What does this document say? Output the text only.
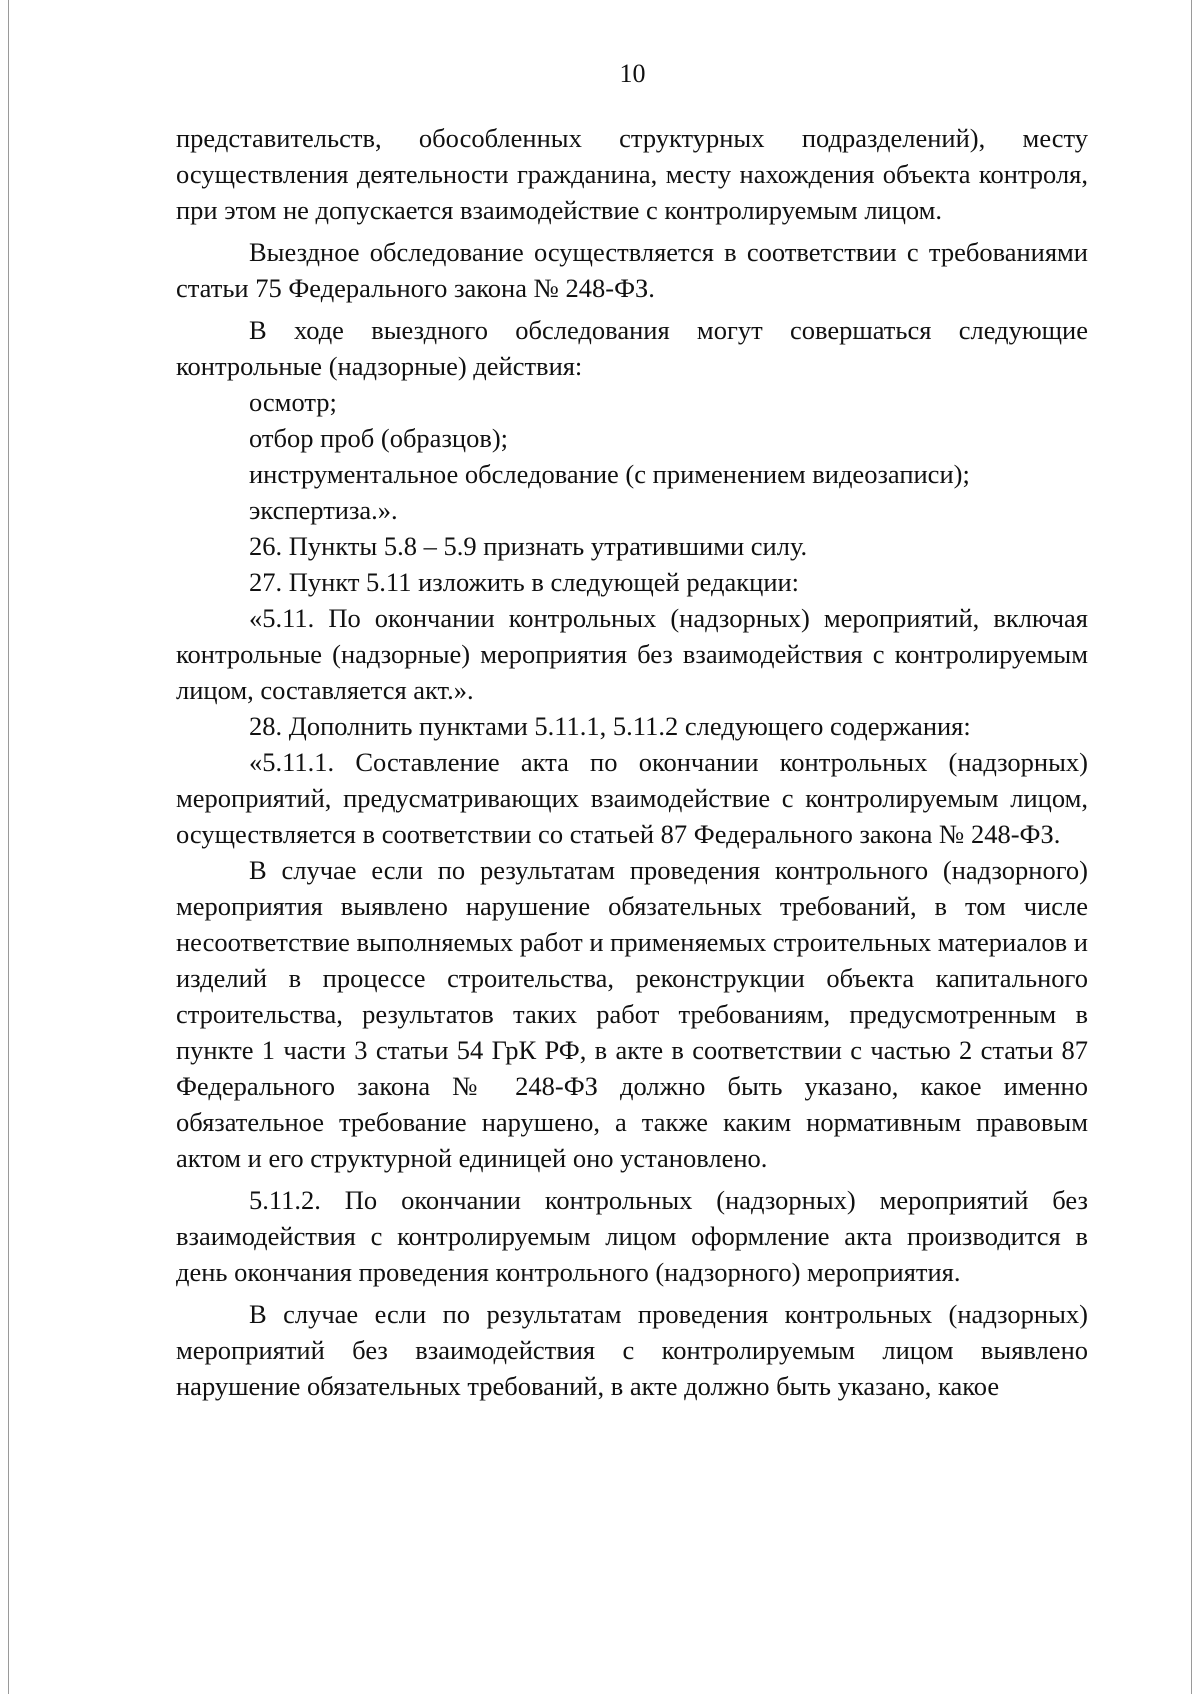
10

представительств, обособленных структурных подразделений), месту осуществления деятельности гражданина, месту нахождения объекта контроля, при этом не допускается взаимодействие с контролируемым лицом.

Выездное обследование осуществляется в соответствии с требованиями статьи 75 Федерального закона № 248-ФЗ.

В ходе выездного обследования могут совершаться следующие контрольные (надзорные) действия:

осмотр;

отбор проб (образцов);

инструментальное обследование (с применением видеозаписи);

экспертиза.».

26. Пункты 5.8 – 5.9 признать утратившими силу.

27. Пункт 5.11 изложить в следующей редакции:

«5.11. По окончании контрольных (надзорных) мероприятий, включая контрольные (надзорные) мероприятия без взаимодействия с контролируемым лицом, составляется акт.».

28. Дополнить пунктами 5.11.1, 5.11.2 следующего содержания:

«5.11.1. Составление акта по окончании контрольных (надзорных) мероприятий, предусматривающих взаимодействие с контролируемым лицом, осуществляется в соответствии со статьей 87 Федерального закона № 248-ФЗ.

В случае если по результатам проведения контрольного (надзорного) мероприятия выявлено нарушение обязательных требований, в том числе несоответствие выполняемых работ и применяемых строительных материалов и изделий в процессе строительства, реконструкции объекта капитального строительства, результатов таких работ требованиям, предусмотренным в пункте 1 части 3 статьи 54 ГрК РФ, в акте в соответствии с частью 2 статьи 87 Федерального закона № 248-ФЗ должно быть указано, какое именно обязательное требование нарушено, а также каким нормативным правовым актом и его структурной единицей оно установлено.

5.11.2. По окончании контрольных (надзорных) мероприятий без взаимодействия с контролируемым лицом оформление акта производится в день окончания проведения контрольного (надзорного) мероприятия.

В случае если по результатам проведения контрольных (надзорных) мероприятий без взаимодействия с контролируемым лицом выявлено нарушение обязательных требований, в акте должно быть указано, какое
